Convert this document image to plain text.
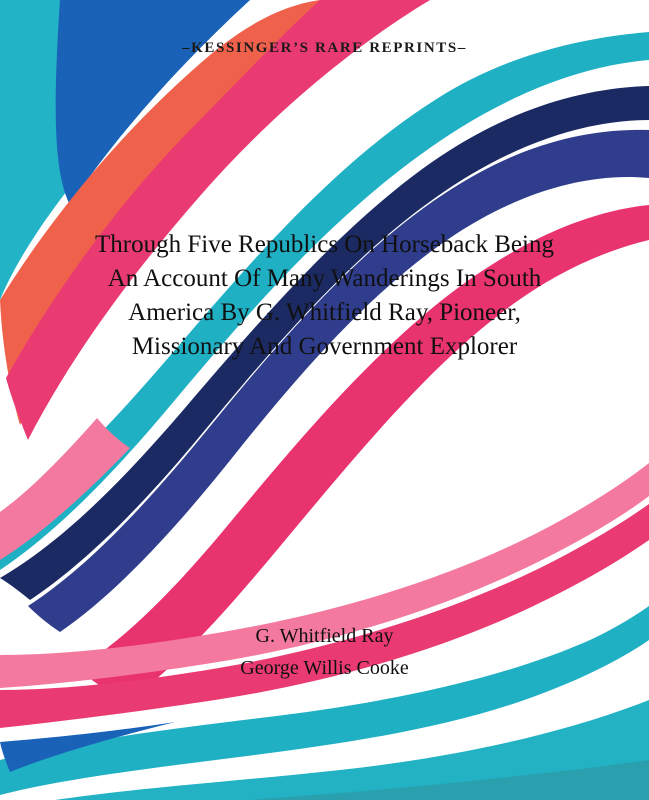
–KESSINGER’S RARE REPRINTS–
Through Five Republics On Horseback Being An Account Of Many Wanderings In South America By G. Whitfield Ray, Pioneer, Missionary And Government Explorer
G. Whitfield Ray
George Willis Cooke
